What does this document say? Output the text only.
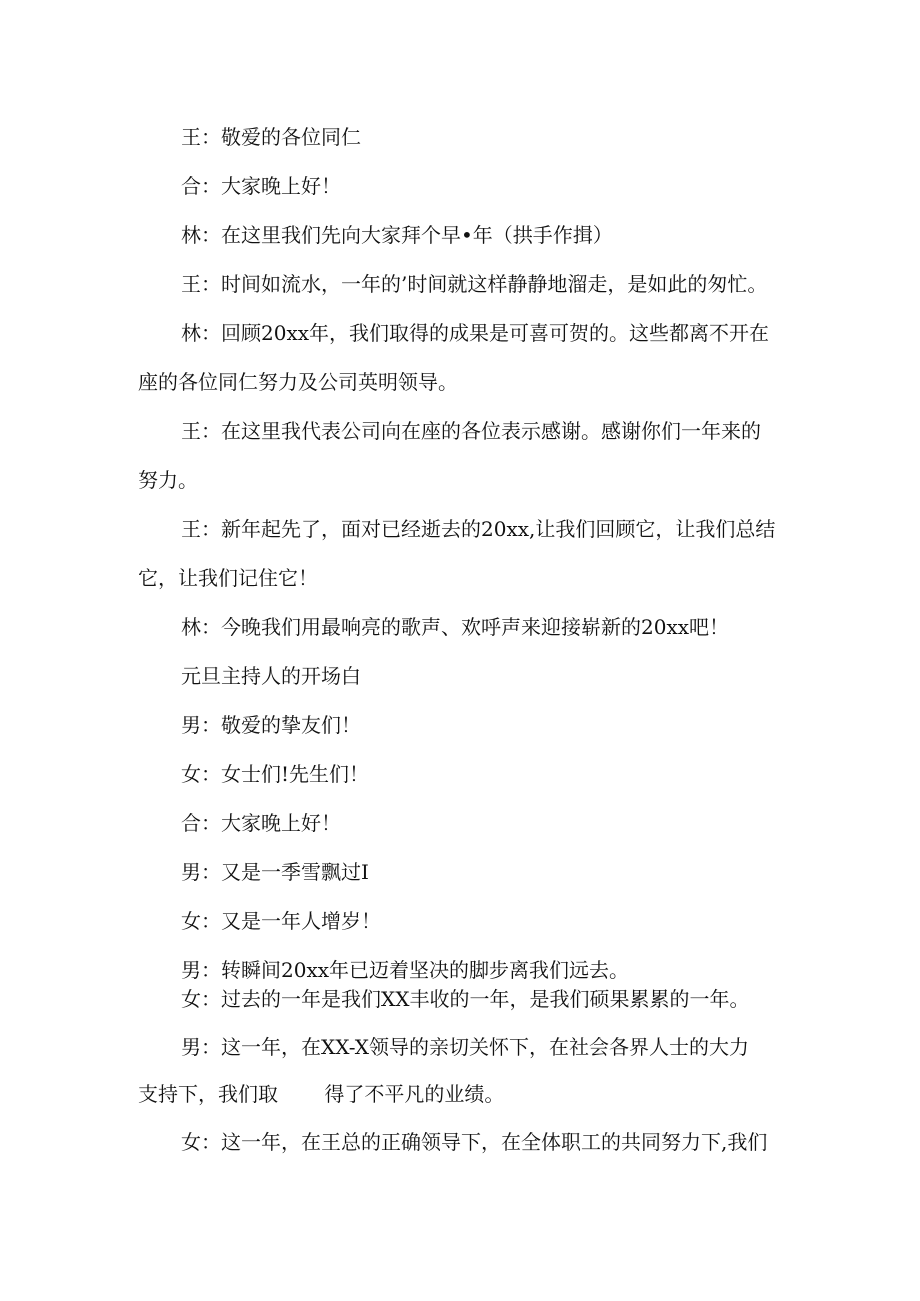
王：敬爱的各位同仁
合：大家晚上好！
林：在这里我们先向大家拜个早•年（拱手作揖）
王：时间如流水，一年的’时间就这样静静地溜走，是如此的匆忙。
林：回顾20xx年，我们取得的成果是可喜可贺的。这些都离不开在
座的各位同仁努力及公司英明领导。
王：在这里我代表公司向在座的各位表示感谢。感谢你们一年来的
努力。
王：新年起先了，面对已经逝去的20xx,让我们回顾它，让我们总结
它，让我们记住它！
林：今晚我们用最响亮的歌声、欢呼声来迎接崭新的20xx吧！
元旦主持人的开场白
男：敬爱的挚友们！
女：女士们!先生们！
合：大家晚上好！
男：又是一季雪飘过I
女：又是一年人增岁！
男：转瞬间20xx年已迈着坚决的脚步离我们远去。
女：过去的一年是我们XX丰收的一年，是我们硕果累累的一年。
男：这一年，在XX-X领导的亲切关怀下，在社会各界人士的大力
支持下，我们取　　 得了不平凡的业绩。
女：这一年，在王总的正确领导下，在全体职工的共同努力下,我们
